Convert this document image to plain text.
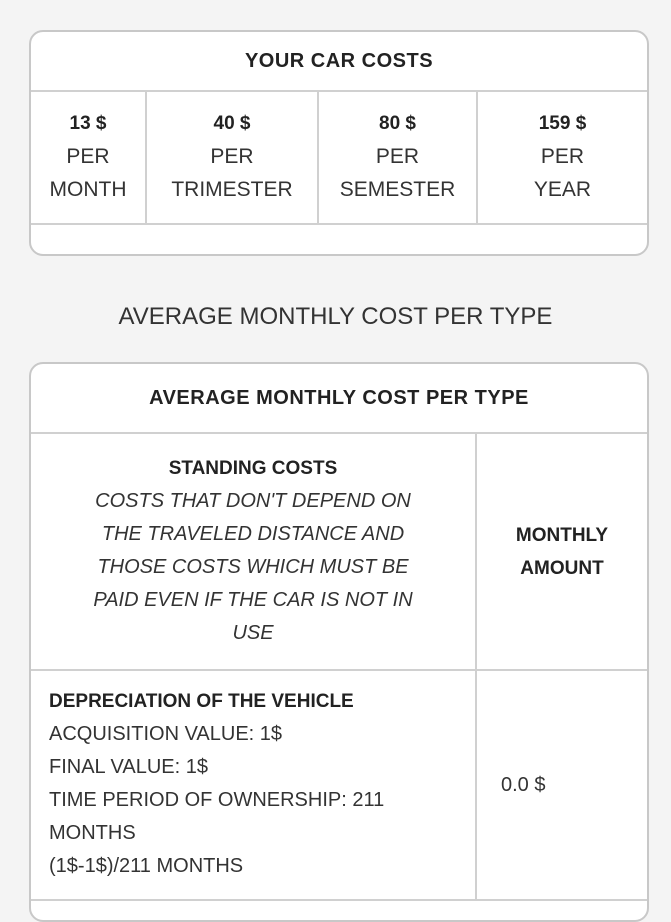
YOUR CAR COSTS
13 $
PER
MONTH
40 $
PER
TRIMESTER
80 $
PER
SEMESTER
159 $
PER
YEAR
AVERAGE MONTHLY COST PER TYPE
AVERAGE MONTHLY COST PER TYPE
STANDING COSTS
COSTS THAT DON'T DEPEND ON
THE TRAVELED DISTANCE AND
THOSE COSTS WHICH MUST BE
PAID EVEN IF THE CAR IS NOT IN
USE
MONTHLY
AMOUNT
DEPRECIATION OF THE VEHICLE
ACQUISITION VALUE: 1$
FINAL VALUE: 1$
TIME PERIOD OF OWNERSHIP: 211
MONTHS
(1$-1$)/211 MONTHS
0.0 $
